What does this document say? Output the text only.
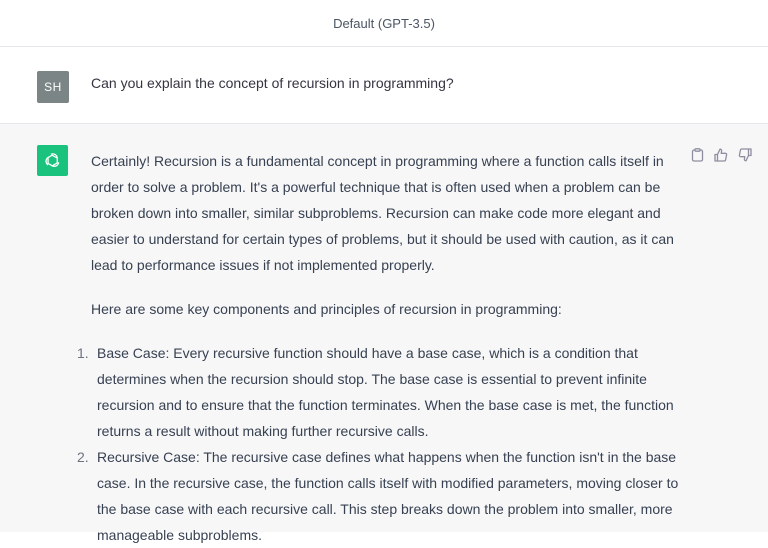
Default (GPT-3.5)
SH Can you explain the concept of recursion in programming?

Certainly! Recursion is a fundamental concept in programming where a function calls itself in order to solve a problem. It's a powerful technique that is often used when a problem can be broken down into smaller, similar subproblems. Recursion can make code more elegant and easier to understand for certain types of problems, but it should be used with caution, as it can lead to performance issues if not implemented properly.

Here are some key components and principles of recursion in programming:

1. Base Case: Every recursive function should have a base case, which is a condition that determines when the recursion should stop. The base case is essential to prevent infinite recursion and to ensure that the function terminates. When the base case is met, the function returns a result without making further recursive calls.
2. Recursive Case: The recursive case defines what happens when the function isn't in the base case. In the recursive case, the function calls itself with modified parameters, moving closer to the base case with each recursive call. This step breaks down the problem into smaller, more manageable subproblems.
